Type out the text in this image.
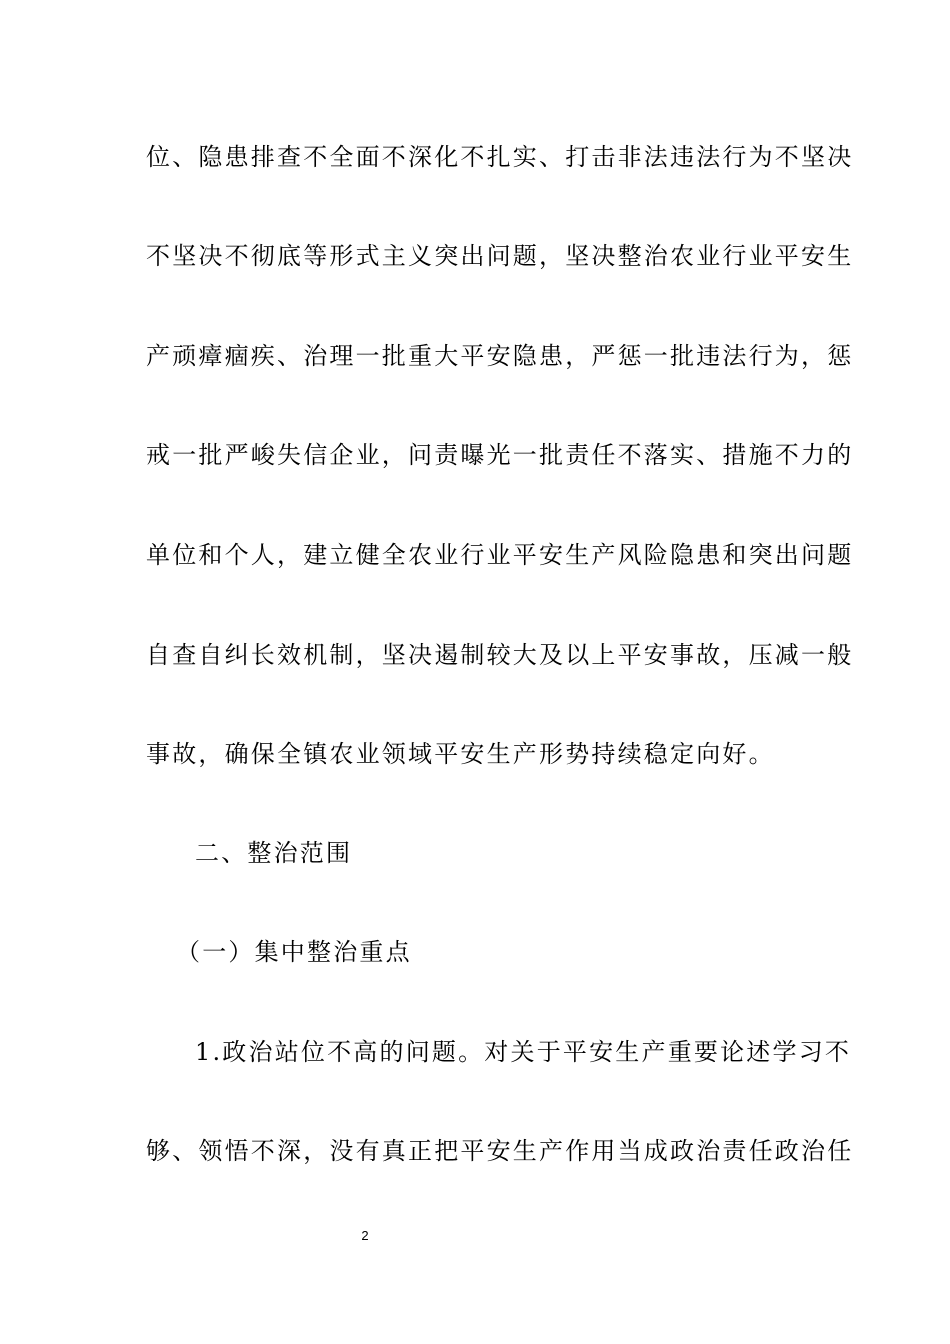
位、隐患排查不全面不深化不扎实、打击非法违法行为不坚决
不坚决不彻底等形式主义突出问题，坚决整治农业行业平安生
产顽瘴痼疾、治理一批重大平安隐患，严惩一批违法行为，惩
戒一批严峻失信企业，问责曝光一批责任不落实、措施不力的
单位和个人，建立健全农业行业平安生产风险隐患和突出问题
自查自纠长效机制，坚决遏制较大及以上平安事故，压减一般
事故，确保全镇农业领域平安生产形势持续稳定向好。
二、整治范围
（一）集中整治重点
1.政治站位不高的问题。对关于平安生产重要论述学习不
够、领悟不深，没有真正把平安生产作用当成政治责任政治任
2
